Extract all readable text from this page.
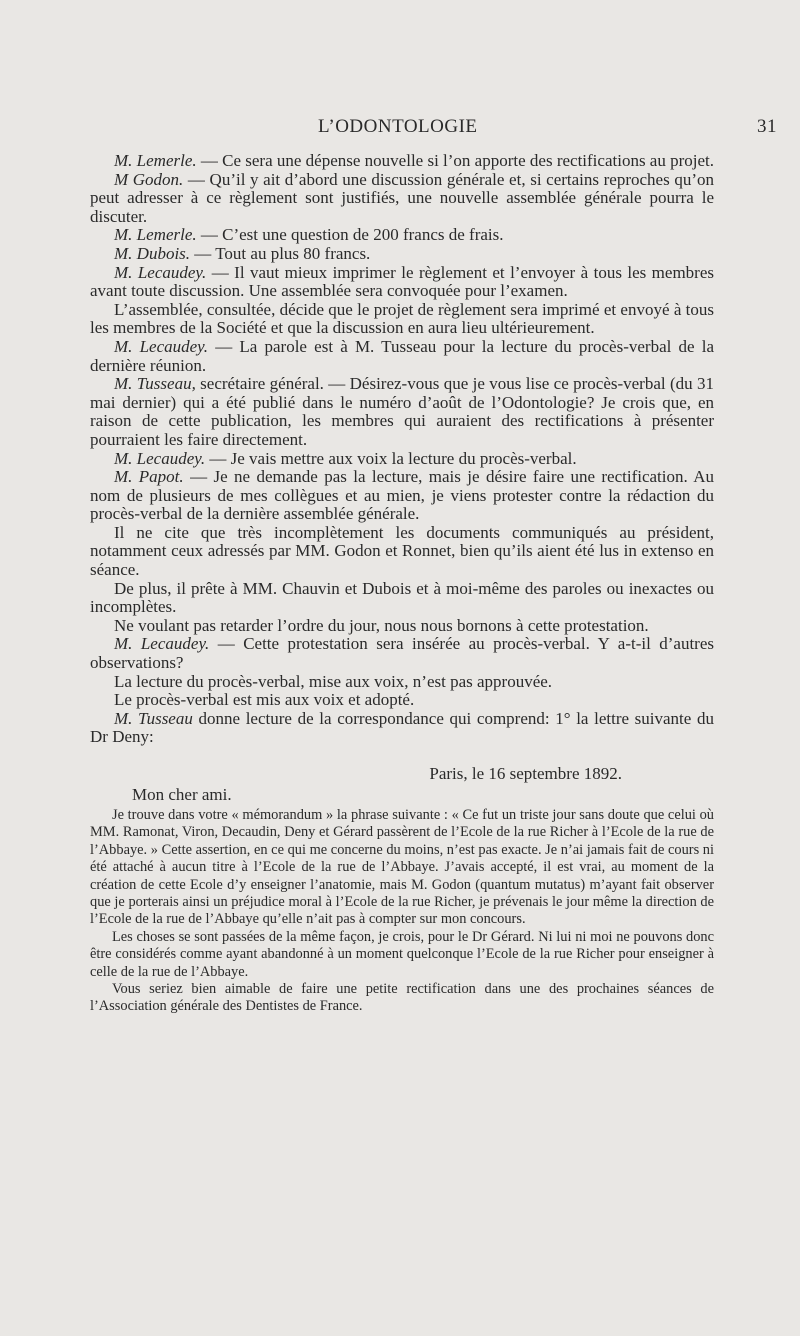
L’ODONTOLOGIE	31

M. Lemerle. — Ce sera une dépense nouvelle si l’on apporte des rectifications au projet.

M Godon. — Qu’il y ait d’abord une discussion générale et, si certains reproches qu’on peut adresser à ce règlement sont justifiés, une nouvelle assemblée générale pourra le discuter.

M. Lemerle. — C’est une question de 200 francs de frais.

M. Dubois. — Tout au plus 80 francs.

M. Lecaudey. — Il vaut mieux imprimer le règlement et l’envoyer à tous les membres avant toute discussion. Une assemblée sera convoquée pour l’examen.

L’assemblée, consultée, décide que le projet de règlement sera imprimé et envoyé à tous les membres de la Société et que la discussion en aura lieu ultérieurement.

M. Lecaudey. — La parole est à M. Tusseau pour la lecture du procès-verbal de la dernière réunion.

M. Tusseau, secrétaire général. — Désirez-vous que je vous lise ce procès-verbal (du 31 mai dernier) qui a été publié dans le numéro d’août de l’Odontologie? Je crois que, en raison de cette publication, les membres qui auraient des rectifications à présenter pourraient les faire directement.

M. Lecaudey. — Je vais mettre aux voix la lecture du procès-verbal.

M. Papot. — Je ne demande pas la lecture, mais je désire faire une rectification. Au nom de plusieurs de mes collègues et au mien, je viens protester contre la rédaction du procès-verbal de la dernière assemblée générale.

Il ne cite que très incomplètement les documents communiqués au président, notamment ceux adressés par MM. Godon et Ronnet, bien qu’ils aient été lus in extenso en séance.

De plus, il prête à MM. Chauvin et Dubois et à moi-même des paroles ou inexactes ou incomplètes.

Ne voulant pas retarder l’ordre du jour, nous nous bornons à cette protestation.

M. Lecaudey. — Cette protestation sera insérée au procès-verbal. Y a-t-il d’autres observations?

La lecture du procès-verbal, mise aux voix, n’est pas approuvée.

Le procès-verbal est mis aux voix et adopté.

M. Tusseau donne lecture de la correspondance qui comprend: 1° la lettre suivante du Dr Deny:

Paris, le 16 septembre 1892.

Mon cher ami.

Je trouve dans votre « mémorandum » la phrase suivante : « Ce fut un triste jour sans doute que celui où MM. Ramonat, Viron, Decaudin, Deny et Gérard passèrent de l’Ecole de la rue Richer à l’Ecole de la rue de l’Abbaye. » Cette assertion, en ce qui me concerne du moins, n’est pas exacte. Je n’ai jamais fait de cours ni été attaché à aucun titre à l’Ecole de la rue de l’Abbaye. J’avais accepté, il est vrai, au moment de la création de cette Ecole d’y enseigner l’anatomie, mais M. Godon (quantum mutatus) m’ayant fait observer que je porterais ainsi un préjudice moral à l’Ecole de la rue Richer, je prévenais le jour même la direction de l’Ecole de la rue de l’Abbaye qu’elle n’ait pas à compter sur mon concours.

Les choses se sont passées de la même façon, je crois, pour le Dr Gérard. Ni lui ni moi ne pouvons donc être considérés comme ayant abandonné à un moment quelconque l’Ecole de la rue Richer pour enseigner à celle de la rue de l’Abbaye.

Vous seriez bien aimable de faire une petite rectification dans une des prochaines séances de l’Association générale des Dentistes de France.
